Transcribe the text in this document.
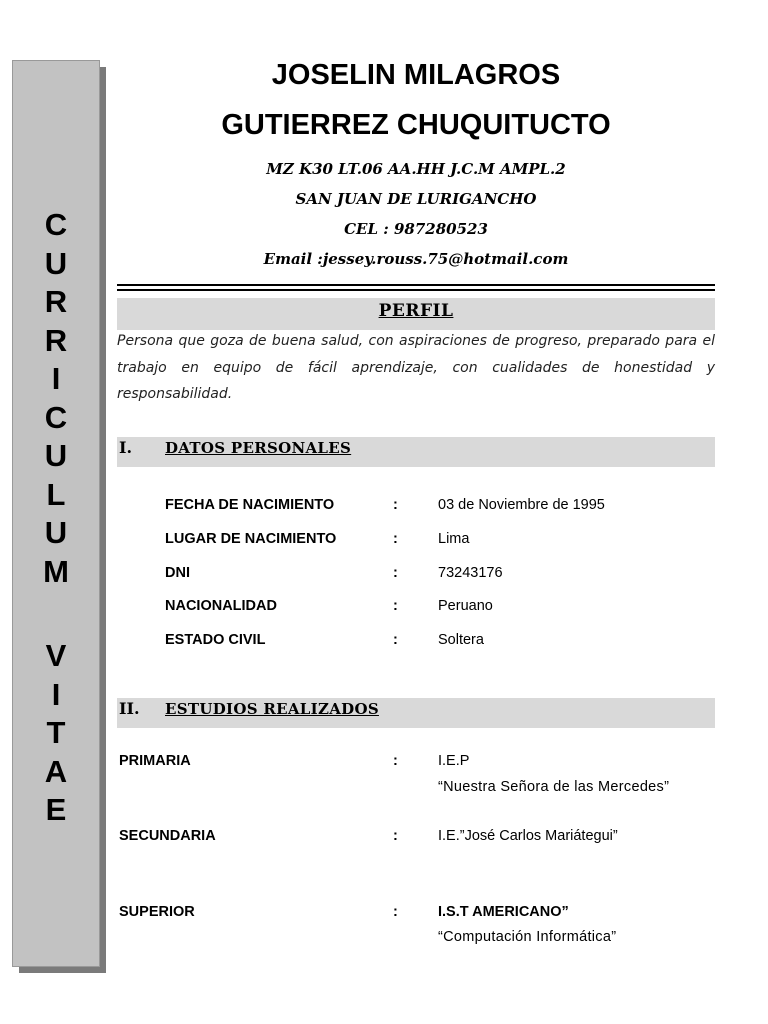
C
U
R
R
I
C
U
L
U
M
V
I
T
A
E
JOSELIN MILAGROS
GUTIERREZ CHUQUITUCTO
MZ K30 LT.06 AA.HH J.C.M AMPL.2
SAN JUAN DE LURIGANCHO
CEL : 987280523
Email :jessey.rouss.75@hotmail.com
PERFIL
Persona que goza de buena salud, con aspiraciones de progreso, preparado para el trabajo en equipo de fácil aprendizaje, con cualidades de honestidad y responsabilidad.
I. DATOS PERSONALES
FECHA DE NACIMIENTO	:	03 de Noviembre de 1995
LUGAR DE NACIMIENTO	:	Lima
DNI	:	73243176
NACIONALIDAD	:	Peruano
ESTADO CIVIL	:	Soltera
II. ESTUDIOS REALIZADOS
PRIMARIA	:	I.E.P
“Nuestra Señora de las Mercedes”
SECUNDARIA	:	I.E.”José Carlos Mariátegui”
SUPERIOR	:	I.S.T AMERICANO”
“Computación Informática”
